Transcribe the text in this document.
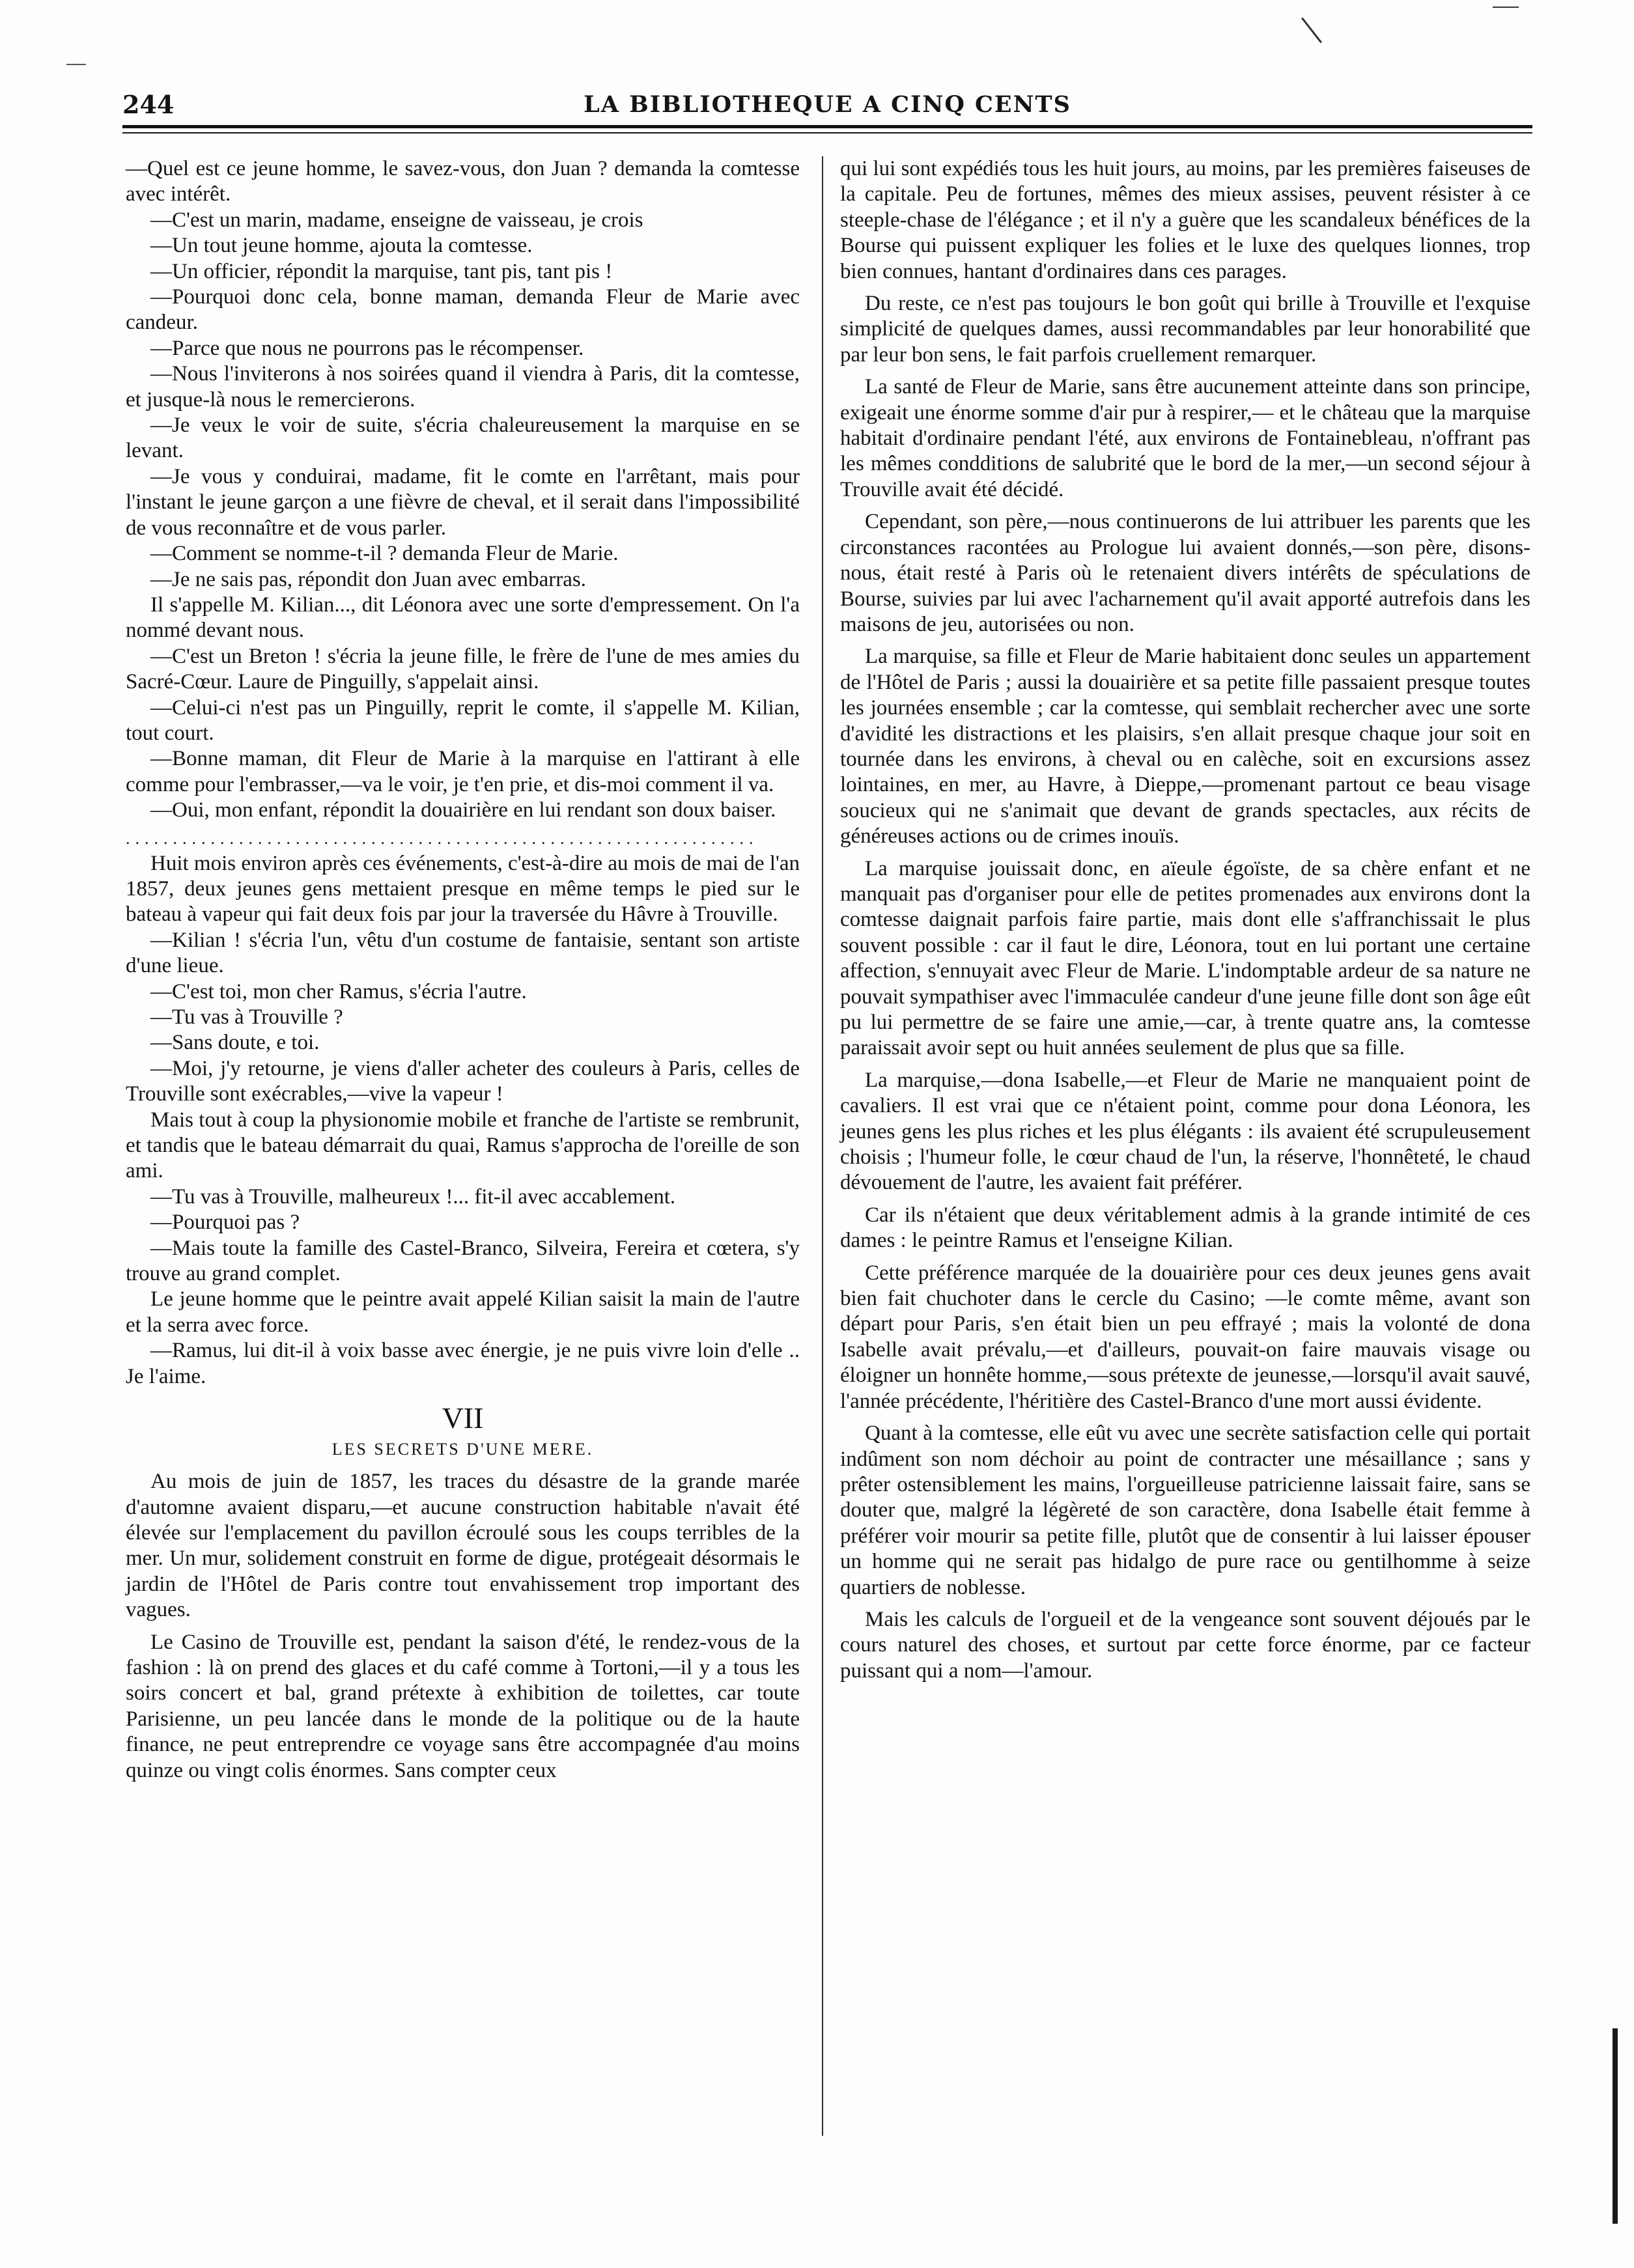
244	LA BIBLIOTHEQUE A CINQ CENTS

—Quel est ce jeune homme, le savez-vous, don Juan ? demanda la comtesse avec intérêt.

—C'est un marin, madame, enseigne de vaisseau, je crois

—Un tout jeune homme, ajouta la comtesse.

—Un officier, répondit la marquise, tant pis, tant pis !

—Pourquoi donc cela, bonne maman, demanda Fleur de Marie avec candeur.

—Parce que nous ne pourrons pas le récompenser.

—Nous l'inviterons à nos soirées quand il viendra à Paris, dit la comtesse, et jusque-là nous le remercierons.

—Je veux le voir de suite, s'écria chaleureusement la marquise en se levant.

—Je vous y conduirai, madame, fit le comte en l'arrêtant, mais pour l'instant le jeune garçon a une fièvre de cheval, et il serait dans l'impossibilité de vous reconnaître et de vous parler.

—Comment se nomme-t-il ? demanda Fleur de Marie.

—Je ne sais pas, répondit don Juan avec embarras.

Il s'appelle M. Kilian..., dit Léonora avec une sorte d'empressement. On l'a nommé devant nous.

—C'est un Breton ! s'écria la jeune fille, le frère de l'une de mes amies du Sacré-Cœur. Laure de Pinguilly, s'appelait ainsi.

—Celui-ci n'est pas un Pinguilly, reprit le comte, il s'appelle M. Kilian, tout court.

—Bonne maman, dit Fleur de Marie à la marquise en l'attirant à elle comme pour l'embrasser,—va le voir, je t'en prie, et dis-moi comment il va.

—Oui, mon enfant, répondit la douairière en lui rendant son doux baiser.

...................................................................

Huit mois environ après ces événements, c'est-à-dire au mois de mai de l'an 1857, deux jeunes gens mettaient presque en même temps le pied sur le bateau à vapeur qui fait deux fois par jour la traversée du Hâvre à Trouville.

—Kilian ! s'écria l'un, vêtu d'un costume de fantaisie, sentant son artiste d'une lieue.

—C'est toi, mon cher Ramus, s'écria l'autre.

—Tu vas à Trouville ?

—Sans doute, e toi.

—Moi, j'y retourne, je viens d'aller acheter des couleurs à Paris, celles de Trouville sont exécrables,—vive la vapeur !

Mais tout à coup la physionomie mobile et franche de l'artiste se rembrunit, et tandis que le bateau démarrait du quai, Ramus s'approcha de l'oreille de son ami.

—Tu vas à Trouville, malheureux !... fit-il avec accablement.

—Pourquoi pas ?

—Mais toute la famille des Castel-Branco, Silveira, Fereira et cœtera, s'y trouve au grand complet.

Le jeune homme que le peintre avait appelé Kilian saisit la main de l'autre et la serra avec force.

—Ramus, lui dit-il à voix basse avec énergie, je ne puis vivre loin d'elle .. Je l'aime.

VII
LES SECRETS D'UNE MERE.

Au mois de juin de 1857, les traces du désastre de la grande marée d'automne avaient disparu,—et aucune construction habitable n'avait été élevée sur l'emplacement du pavillon écroulé sous les coups terribles de la mer. Un mur, solidement construit en forme de digue, protégeait désormais le jardin de l'Hôtel de Paris contre tout envahissement trop important des vagues.

Le Casino de Trouville est, pendant la saison d'été, le rendez-vous de la fashion : là on prend des glaces et du café comme à Tortoni,—il y a tous les soirs concert et bal, grand prétexte à exhibition de toilettes, car toute Parisienne, un peu lancée dans le monde de la politique ou de la haute finance, ne peut entreprendre ce voyage sans être accompagnée d'au moins quinze ou vingt colis énormes. Sans compter ceux

qui lui sont expédiés tous les huit jours, au moins, par les premières faiseuses de la capitale. Peu de fortunes, mêmes des mieux assises, peuvent résister à ce steeple-chase de l'élégance ; et il n'y a guère que les scandaleux bénéfices de la Bourse qui puissent expliquer les folies et le luxe des quelques lionnes, trop bien connues, hantant d'ordinaires dans ces parages.

Du reste, ce n'est pas toujours le bon goût qui brille à Trouville et l'exquise simplicité de quelques dames, aussi recommandables par leur honorabilité que par leur bon sens, le fait parfois cruellement remarquer.

La santé de Fleur de Marie, sans être aucunement atteinte dans son principe, exigeait une énorme somme d'air pur à respirer,— et le château que la marquise habitait d'ordinaire pendant l'été, aux environs de Fontainebleau, n'offrant pas les mêmes condditions de salubrité que le bord de la mer,—un second séjour à Trouville avait été décidé.

Cependant, son père,—nous continuerons de lui attribuer les parents que les circonstances racontées au Prologue lui avaient donnés,—son père, disons-nous, était resté à Paris où le retenaient divers intérêts de spéculations de Bourse, suivies par lui avec l'acharnement qu'il avait apporté autrefois dans les maisons de jeu, autorisées ou non.

La marquise, sa fille et Fleur de Marie habitaient donc seules un appartement de l'Hôtel de Paris ; aussi la douairière et sa petite fille passaient presque toutes les journées ensemble ; car la comtesse, qui semblait rechercher avec une sorte d'avidité les distractions et les plaisirs, s'en allait presque chaque jour soit en tournée dans les environs, à cheval ou en calèche, soit en excursions assez lointaines, en mer, au Havre, à Dieppe,—promenant partout ce beau visage soucieux qui ne s'animait que devant de grands spectacles, aux récits de généreuses actions ou de crimes inouïs.

La marquise jouissait donc, en aïeule égoïste, de sa chère enfant et ne manquait pas d'organiser pour elle de petites promenades aux environs dont la comtesse daignait parfois faire partie, mais dont elle s'affranchissait le plus souvent possible : car il faut le dire, Léonora, tout en lui portant une certaine affection, s'ennuyait avec Fleur de Marie. L'indomptable ardeur de sa nature ne pouvait sympathiser avec l'immaculée candeur d'une jeune fille dont son âge eût pu lui permettre de se faire une amie,—car, à trente quatre ans, la comtesse paraissait avoir sept ou huit années seulement de plus que sa fille.

La marquise,—dona Isabelle,—et Fleur de Marie ne manquaient point de cavaliers. Il est vrai que ce n'étaient point, comme pour dona Léonora, les jeunes gens les plus riches et les plus élégants : ils avaient été scrupuleusement choisis ; l'humeur folle, le cœur chaud de l'un, la réserve, l'honnêteté, le chaud dévouement de l'autre, les avaient fait préférer.

Car ils n'étaient que deux véritablement admis à la grande intimité de ces dames : le peintre Ramus et l'enseigne Kilian.

Cette préférence marquée de la douairière pour ces deux jeunes gens avait bien fait chuchoter dans le cercle du Casino; —le comte même, avant son départ pour Paris, s'en était bien un peu effrayé ; mais la volonté de dona Isabelle avait prévalu,—et d'ailleurs, pouvait-on faire mauvais visage ou éloigner un honnête homme,—sous prétexte de jeunesse,—lorsqu'il avait sauvé, l'année précédente, l'héritière des Castel-Branco d'une mort aussi évidente.

Quant à la comtesse, elle eût vu avec une secrète satisfaction celle qui portait indûment son nom déchoir au point de contracter une mésaillance ; sans y prêter ostensiblement les mains, l'orgueilleuse patricienne laissait faire, sans se douter que, malgré la légèreté de son caractère, dona Isabelle était femme à préférer voir mourir sa petite fille, plutôt que de consentir à lui laisser épouser un homme qui ne serait pas hidalgo de pure race ou gentilhomme à seize quartiers de noblesse.

Mais les calculs de l'orgueil et de la vengeance sont souvent déjoués par le cours naturel des choses, et surtout par cette force énorme, par ce facteur puissant qui a nom—l'amour.
